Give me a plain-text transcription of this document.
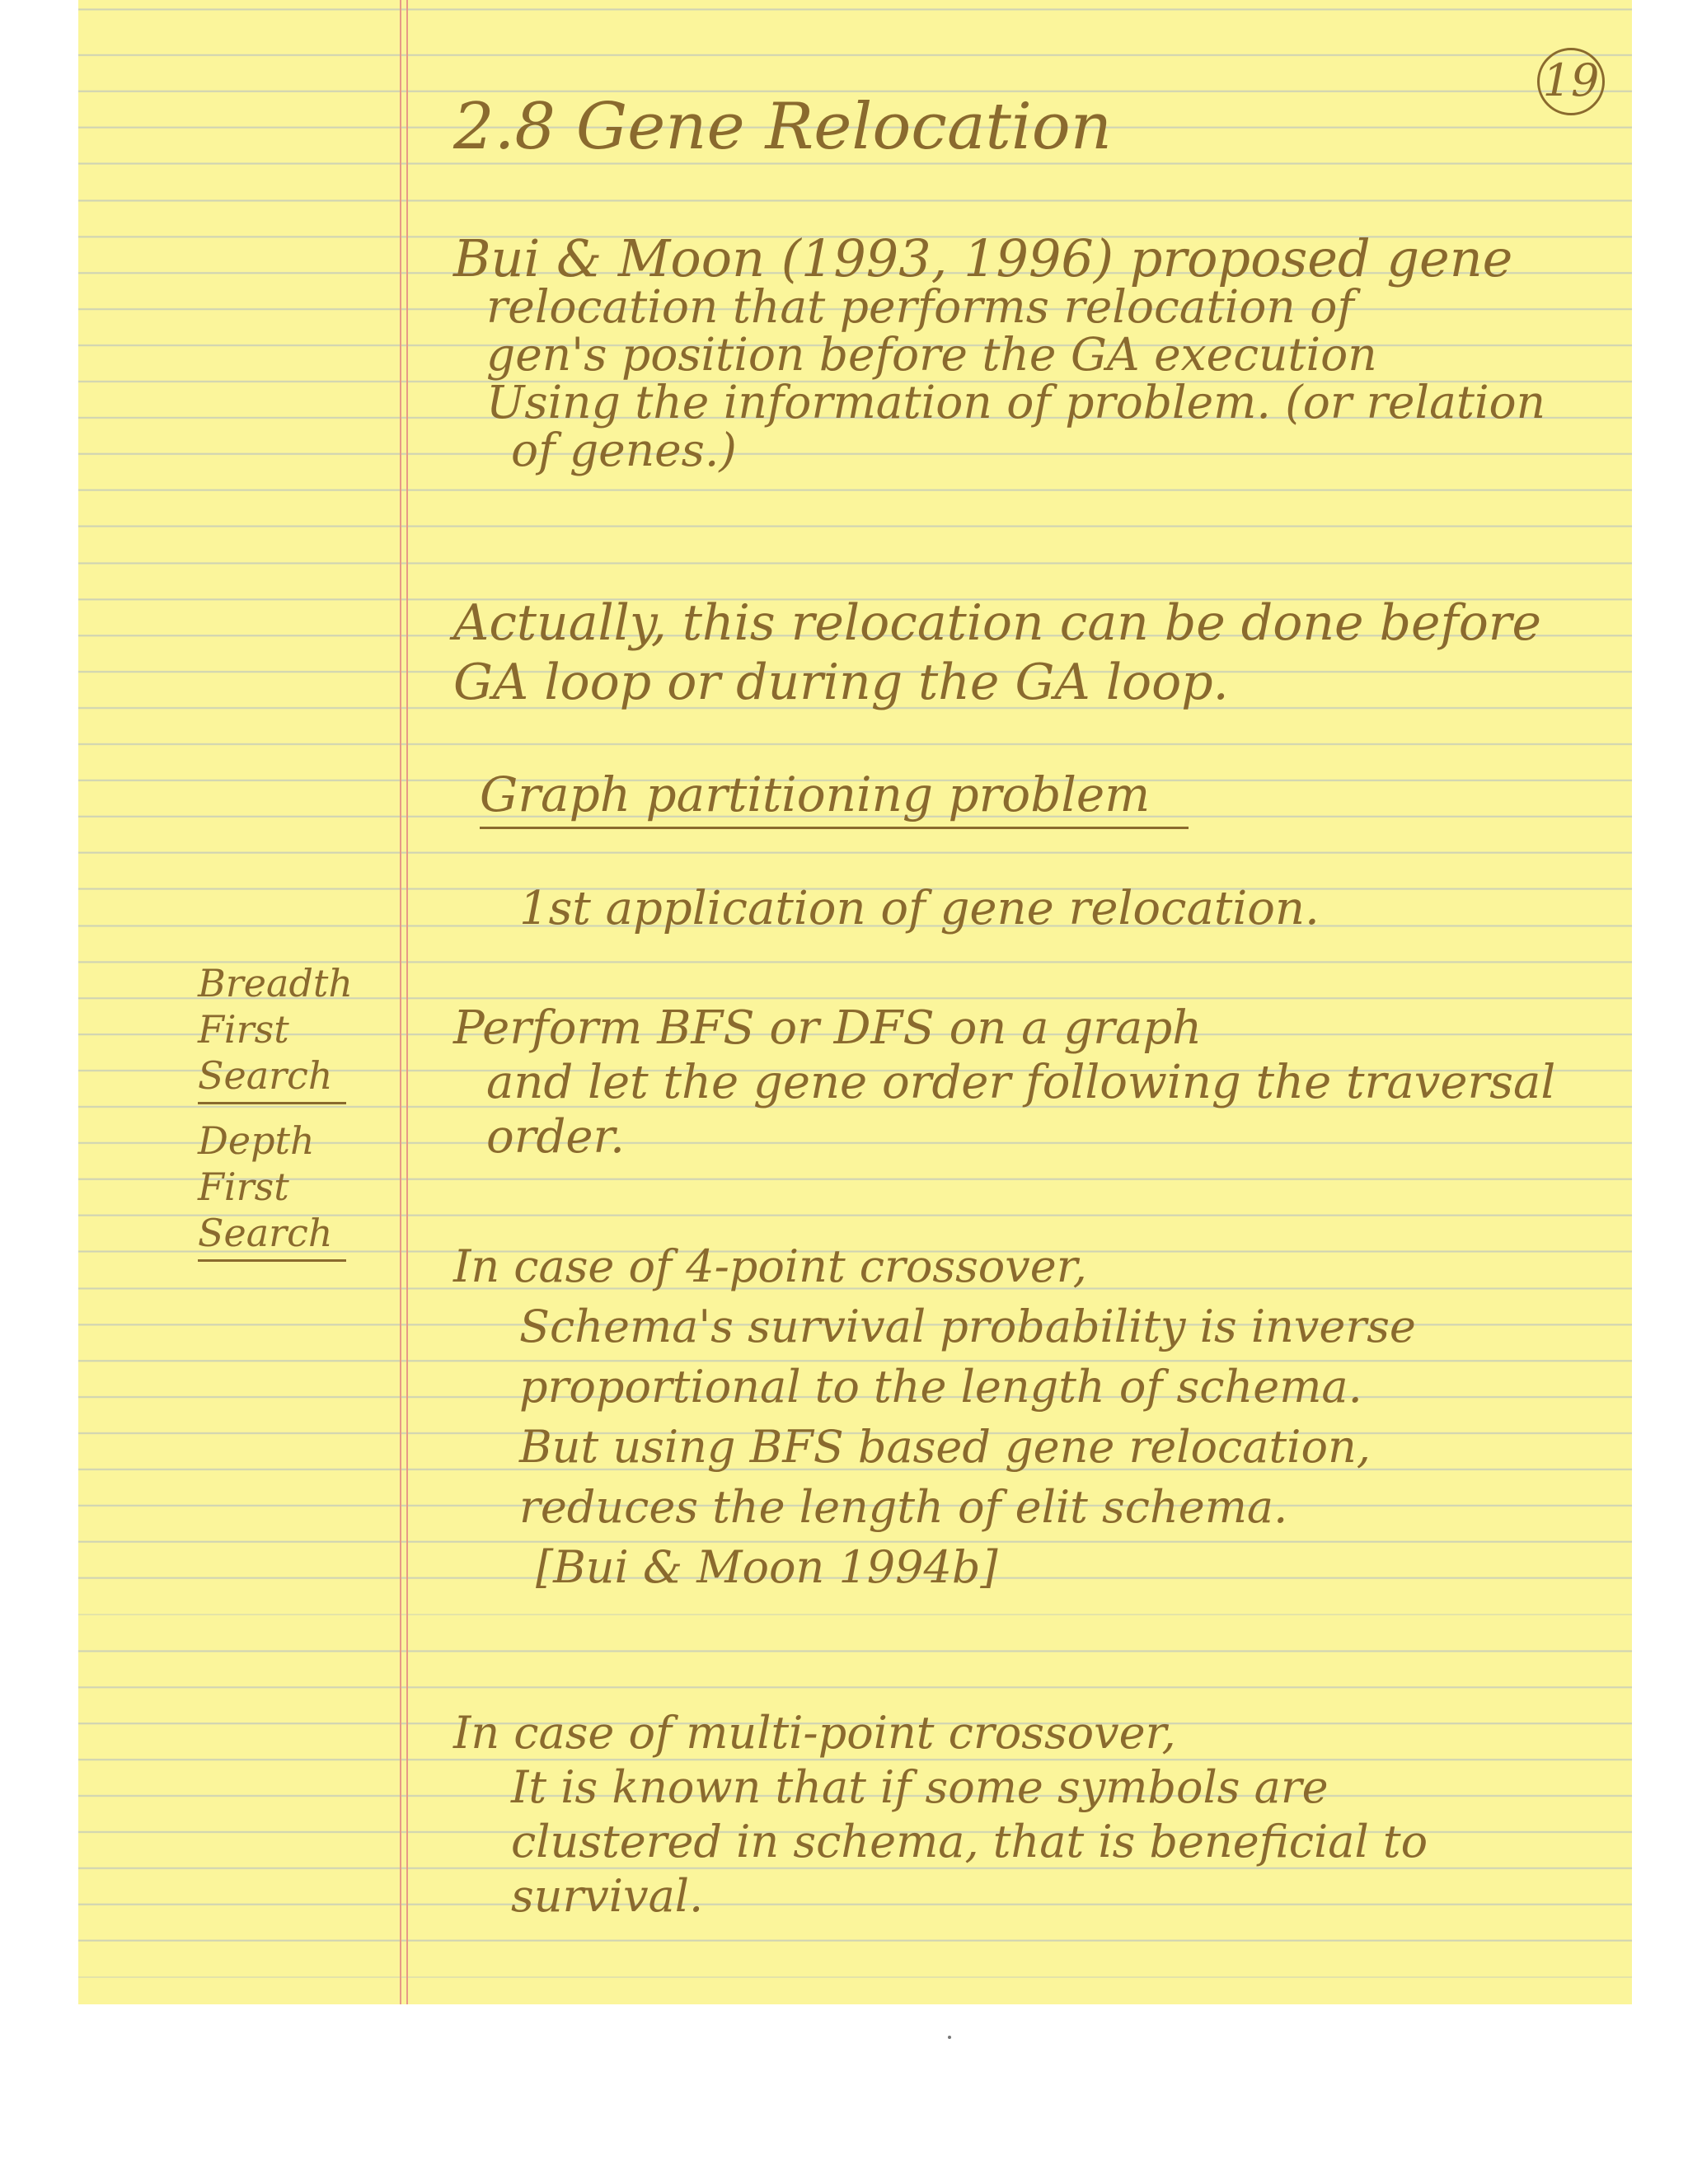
19
2.8 Gene Relocation
Bui & Moon (1993, 1996) proposed gene
relocation that performs relocation of
gen's position before the GA execution
Using the information of problem. (or relation
of genes.)
Actually, this relocation can be done before
GA loop or during the GA loop.
Graph partitioning problem
1st application of gene relocation.
Perform BFS or DFS on a graph
and let the gene order following the traversal
order.
In case of 4-point crossover,
Schema's survival probability is inverse
proportional to the length of schema.
But using BFS based gene relocation,
reduces the length of elit schema.
[Bui & Moon 1994b]
In case of multi-point crossover,
It is known that if some symbols are
clustered in schema, that is beneficial to
survival.
Breadth
First
Search
Depth
First
Search
